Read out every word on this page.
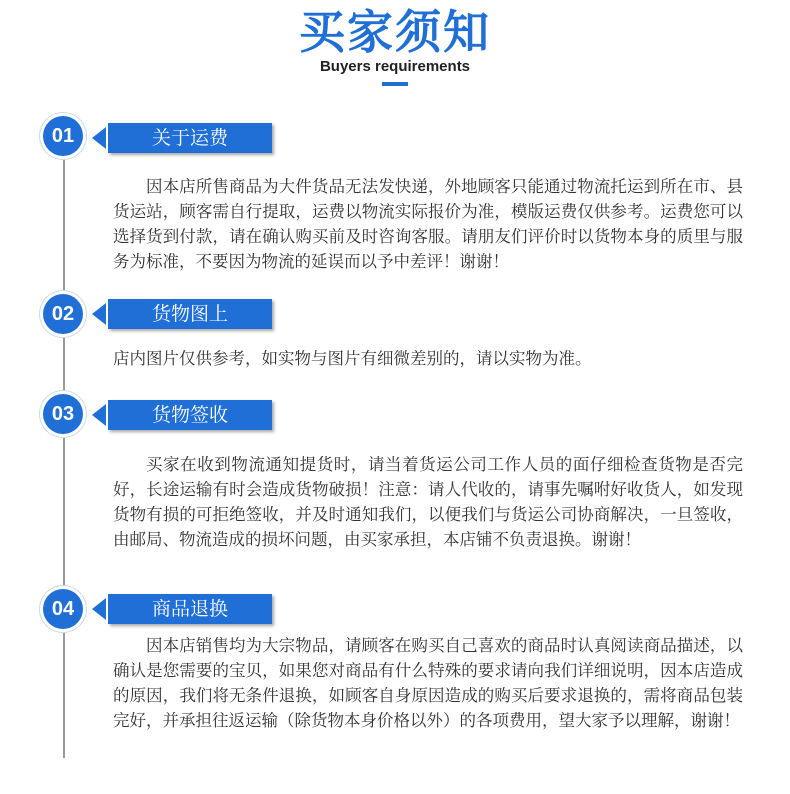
买家须知
Buyers requirements
01	关于运费
因本店所售商品为大件货品无法发快递，外地顾客只能通过物流托运到所在市、县货运站，顾客需自行提取，运费以物流实际报价为准，模版运费仅供参考。运费您可以选择货到付款，请在确认购买前及时咨询客服。请朋友们评价时以货物本身的质里与服务为标准，不要因为物流的延误而以予中差评！谢谢！
02	货物图上
店内图片仅供参考，如实物与图片有细微差别的，请以实物为准。
03	货物签收
买家在收到物流通知提货时，请当着货运公司工作人员的面仔细检查货物是否完好，长途运输有时会造成货物破损！注意：请人代收的，请事先嘱咐好收货人，如发现货物有损的可拒绝签收，并及时通知我们，以便我们与货运公司协商解决，一旦签收，由邮局、物流造成的损坏问题，由买家承担，本店铺不负责退换。谢谢！
04	商品退换
因本店销售均为大宗物品，请顾客在购买自己喜欢的商品时认真阅读商品描述，以确认是您需要的宝贝，如果您对商品有什么特殊的要求请向我们详细说明，因本店造成的原因，我们将无条件退换，如顾客自身原因造成的购买后要求退换的，需将商品包装完好，并承担往返运输（除货物本身价格以外）的各项费用，望大家予以理解，谢谢！
